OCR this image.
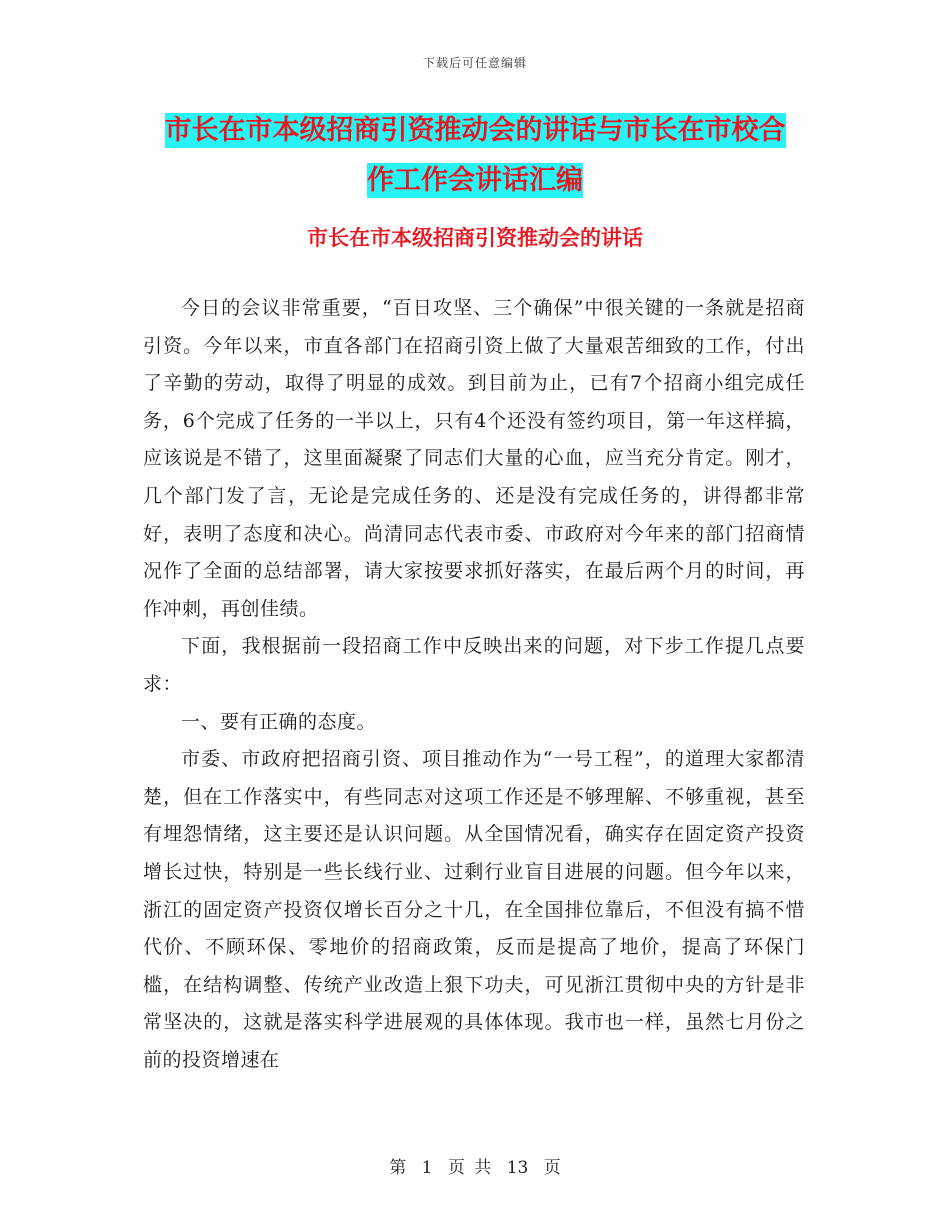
下载后可任意编辑
市长在市本级招商引资推动会的讲话与市长在市校合
作工作会讲话汇编
市长在市本级招商引资推动会的讲话

今日的会议非常重要，“百日攻坚、三个确保”中很关键的一条就是招商引资。今年以来，市直各部门在招商引资上做了大量艰苦细致的工作，付出了辛勤的劳动，取得了明显的成效。到目前为止，已有7个招商小组完成任务，6个完成了任务的一半以上，只有4个还没有签约项目，第一年这样搞，应该说是不错了，这里面凝聚了同志们大量的心血，应当充分肯定。刚才，几个部门发了言，无论是完成任务的、还是没有完成任务的，讲得都非常好，表明了态度和决心。尚清同志代表市委、市政府对今年来的部门招商情况作了全面的总结部署，请大家按要求抓好落实，在最后两个月的时间，再作冲刺，再创佳绩。

下面，我根据前一段招商工作中反映出来的问题，对下步工作提几点要求：

一、要有正确的态度。

市委、市政府把招商引资、项目推动作为“一号工程”，的道理大家都清楚，但在工作落实中，有些同志对这项工作还是不够理解、不够重视，甚至有埋怨情绪，这主要还是认识问题。从全国情况看，确实存在固定资产投资增长过快，特别是一些长线行业、过剩行业盲目进展的问题。但今年以来，浙江的固定资产投资仅增长百分之十几，在全国排位靠后，不但没有搞不惜代价、不顾环保、零地价的招商政策，反而是提高了地价，提高了环保门槛，在结构调整、传统产业改造上狠下功夫，可见浙江贯彻中央的方针是非常坚决的，这就是落实科学进展观的具体体现。我市也一样，虽然七月份之前的投资增速在

第 1 页 共 13 页
